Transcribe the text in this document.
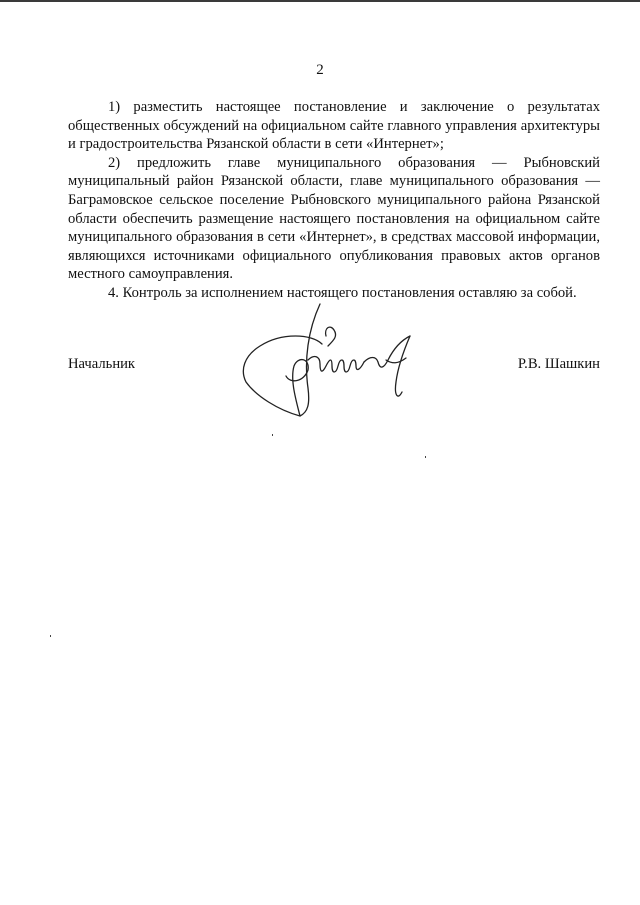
2

1) разместить настоящее постановление и заключение о результатах общественных обсуждений на официальном сайте главного управления архитектуры и градостроительства Рязанской области в сети «Интернет»;

2) предложить главе муниципального образования — Рыбновский муниципальный район Рязанской области, главе муниципального образования — Баграмовское сельское поселение Рыбновского муниципального района Рязанской области обеспечить размещение настоящего постановления на официальном сайте муниципального образования в сети «Интернет», в средствах массовой информации, являющихся источниками официального опубликования правовых актов органов местного самоуправления.

4. Контроль за исполнением настоящего постановления оставляю за собой.

Начальник	Р.В. Шашкин
